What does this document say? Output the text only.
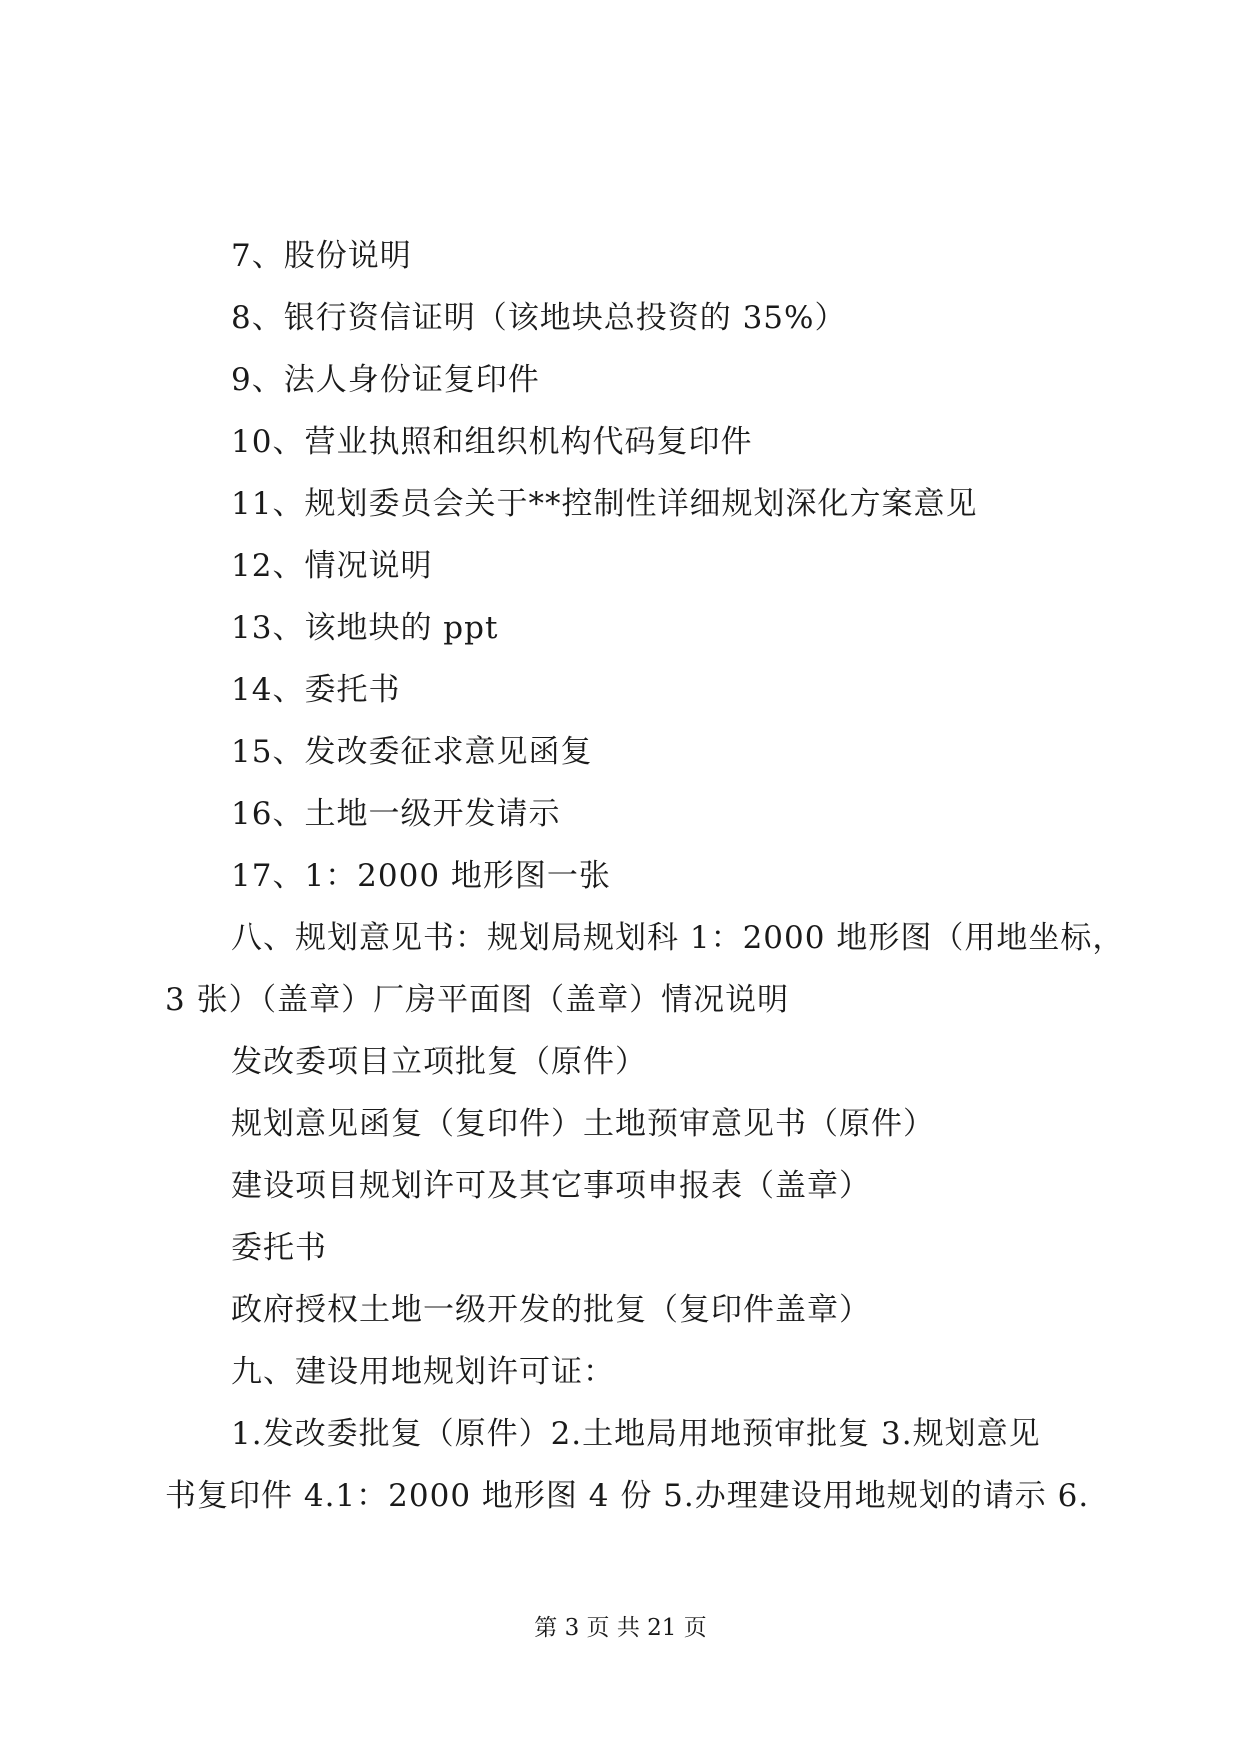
7、股份说明
8、银行资信证明（该地块总投资的 35%）
9、法人身份证复印件
10、营业执照和组织机构代码复印件
11、规划委员会关于**控制性详细规划深化方案意见
12、情况说明
13、该地块的 ppt
14、委托书
15、发改委征求意见函复
16、土地一级开发请示
17、1：2000 地形图一张
八、规划意见书：规划局规划科 1：2000 地形图（用地坐标，
3 张）（盖章）厂房平面图（盖章）情况说明
发改委项目立项批复（原件）
规划意见函复（复印件）土地预审意见书（原件）
建设项目规划许可及其它事项申报表（盖章）
委托书
政府授权土地一级开发的批复（复印件盖章）
九、建设用地规划许可证：
1.发改委批复（原件）2.土地局用地预审批复 3.规划意见
书复印件 4.1：2000 地形图 4 份 5.办理建设用地规划的请示 6.
第 3 页 共 21 页
